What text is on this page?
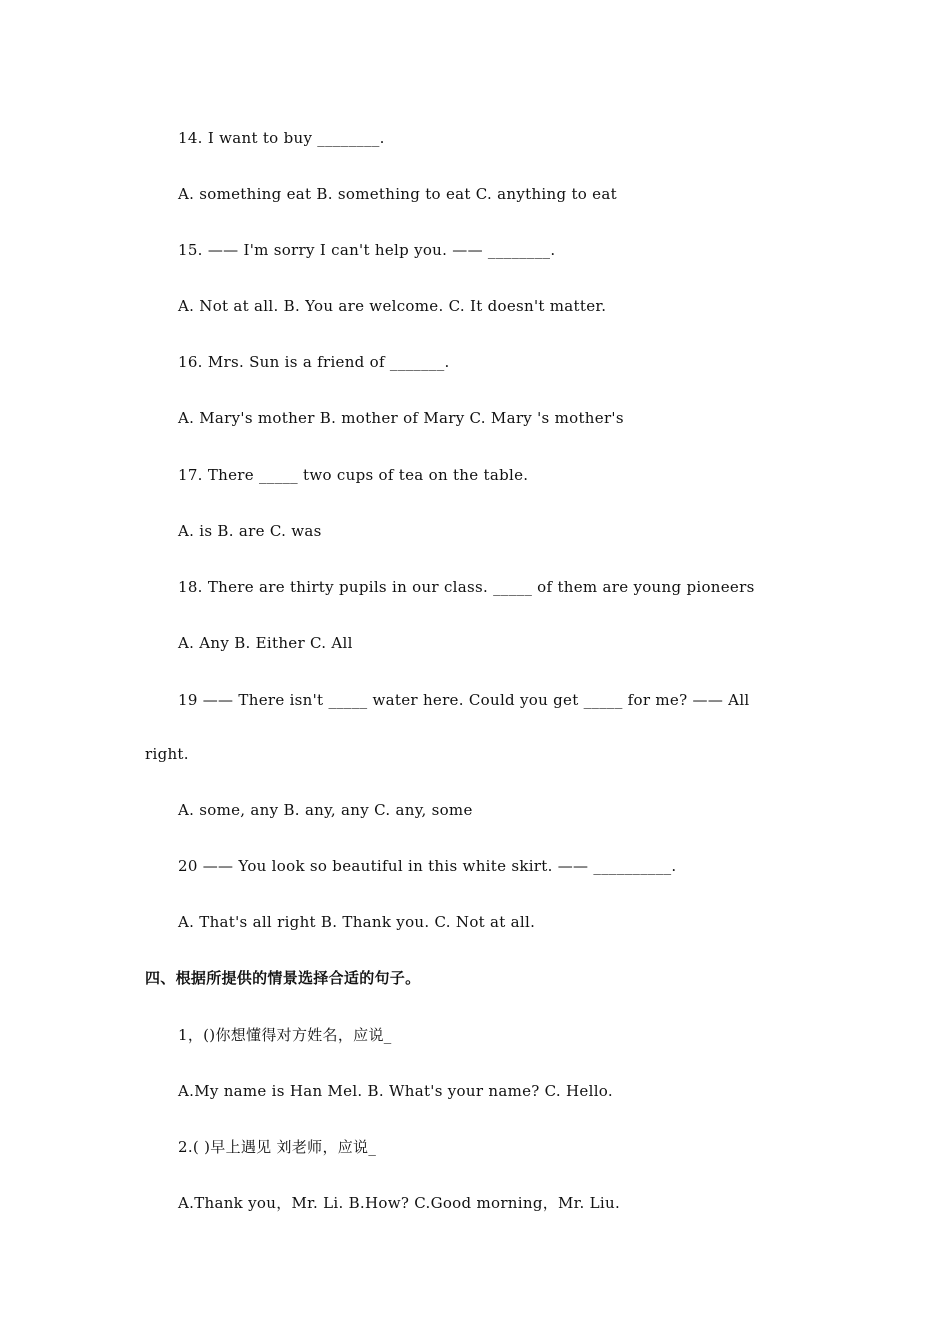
14. I want to buy ________.
A. something eat B. something to eat C. anything to eat
15. —— I'm sorry I can't help you. —— ________.
A. Not at all. B. You are welcome. C. It doesn't matter.
16. Mrs. Sun is a friend of _______.
A. Mary's mother B. mother of Mary C. Mary 's mother's
17. There _____ two cups of tea on the table.
A. is B. are C. was
18. There are thirty pupils in our class. _____ of them are young pioneers
A. Any B. Either C. All
19 —— There isn't _____ water here. Could you get _____ for me? —— All
right.
A. some, any B. any, any C. any, some
20 —— You look so beautiful in this white skirt. —— __________.
A. That's all right B. Thank you. C. Not at all.
四、根据所提供的情景选择合适的句子。
1，()你想懂得对方姓名，应说_
A.My name is Han Mel. B. What's your name? C. Hello.
2.( )早上遇见 刘老师，应说_
A.Thank you，Mr. Li. B.How? C.Good morning，Mr. Liu.
